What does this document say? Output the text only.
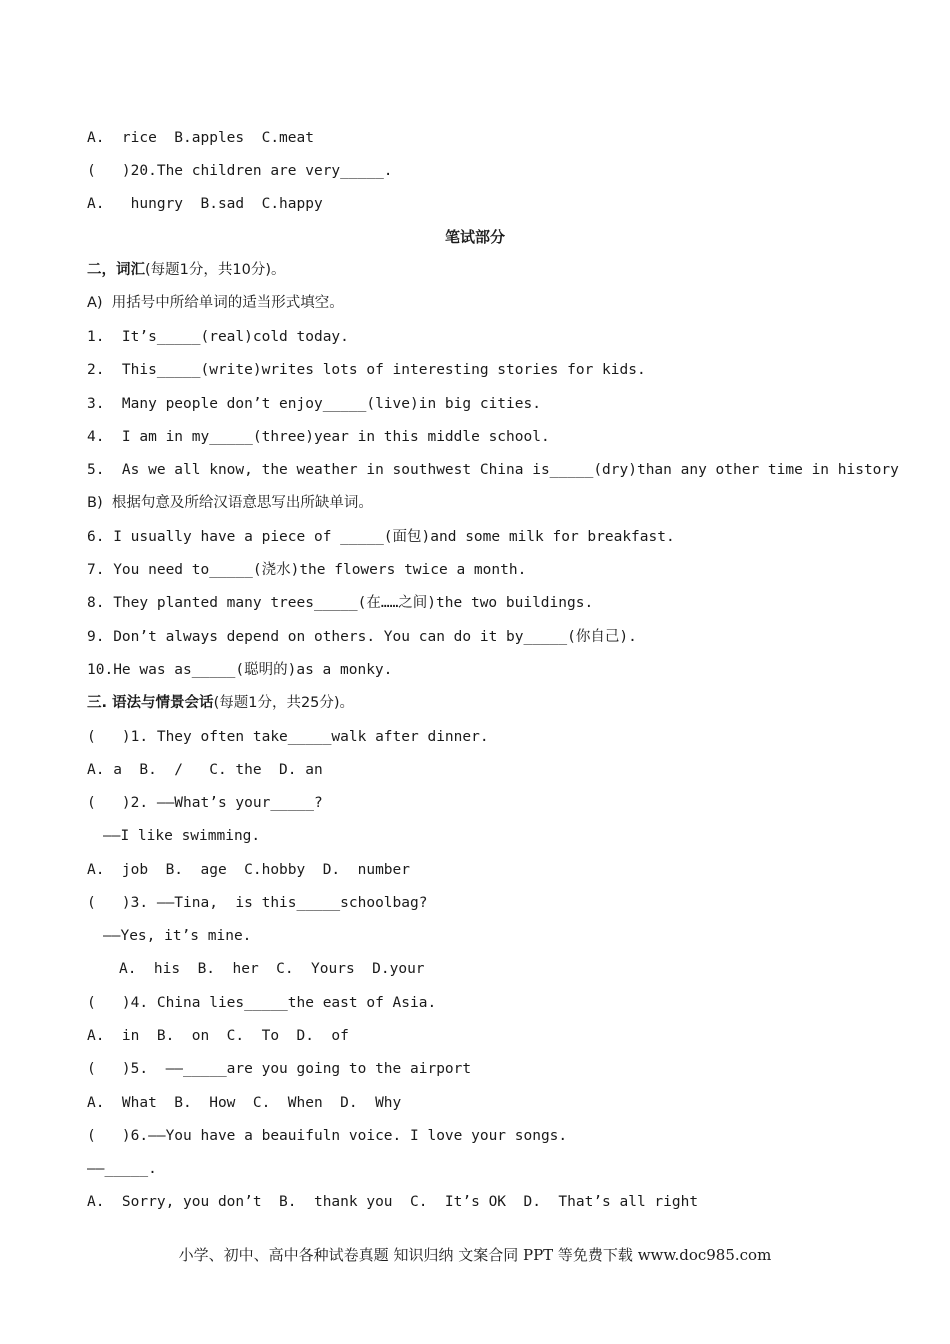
A.  rice  B.apples  C.meat
(   )20.The children are very_____.
A.   hungry  B.sad  C.happy
笔试部分
二，词汇(每题1分，共10分)。
A)  用括号中所给单词的适当形式填空。
1.  It’s_____(real)cold today.
2.  This_____(write)writes lots of interesting stories for kids.
3.  Many people don’t enjoy_____(live)in big cities.
4.  I am in my_____(three)year in this middle school.
5.  As we all know, the weather in southwest China is_____(dry)than any other time in history
B)  根据句意及所给汉语意思写出所缺单词。
6. I usually have a piece of _____(面包)and some milk for breakfast.
7. You need to_____(浇水)the flowers twice a month.
8. They planted many trees_____(在……之间)the two buildings.
9. Don’t always depend on others. You can do it by_____(你自己).
10.He was as_____(聪明的)as a monky.
三. 语法与情景会话(每题1分，共25分)。
(   )1. They often take_____walk after dinner.
A. a  B.  /   C. the  D. an
(   )2. ——What’s your_____?
——I like swimming.
A.  job  B.  age  C.hobby  D.  number
(   )3. ——Tina,  is this_____schoolbag?
——Yes, it’s mine.
A.  his  B.  her  C.  Yours  D.your
(   )4. China lies_____the east of Asia.
A.  in  B.  on  C.  To  D.  of
(   )5.  ——_____are you going to the airport
A.  What  B.  How  C.  When  D.  Why
(   )6.——You have a beauifuln voice. I love your songs.
——_____.
A.  Sorry, you don’t  B.  thank you  C.  It’s OK  D.  That’s all right
小学、初中、高中各种试卷真题 知识归纳 文案合同 PPT 等免费下载 www.doc985.com
